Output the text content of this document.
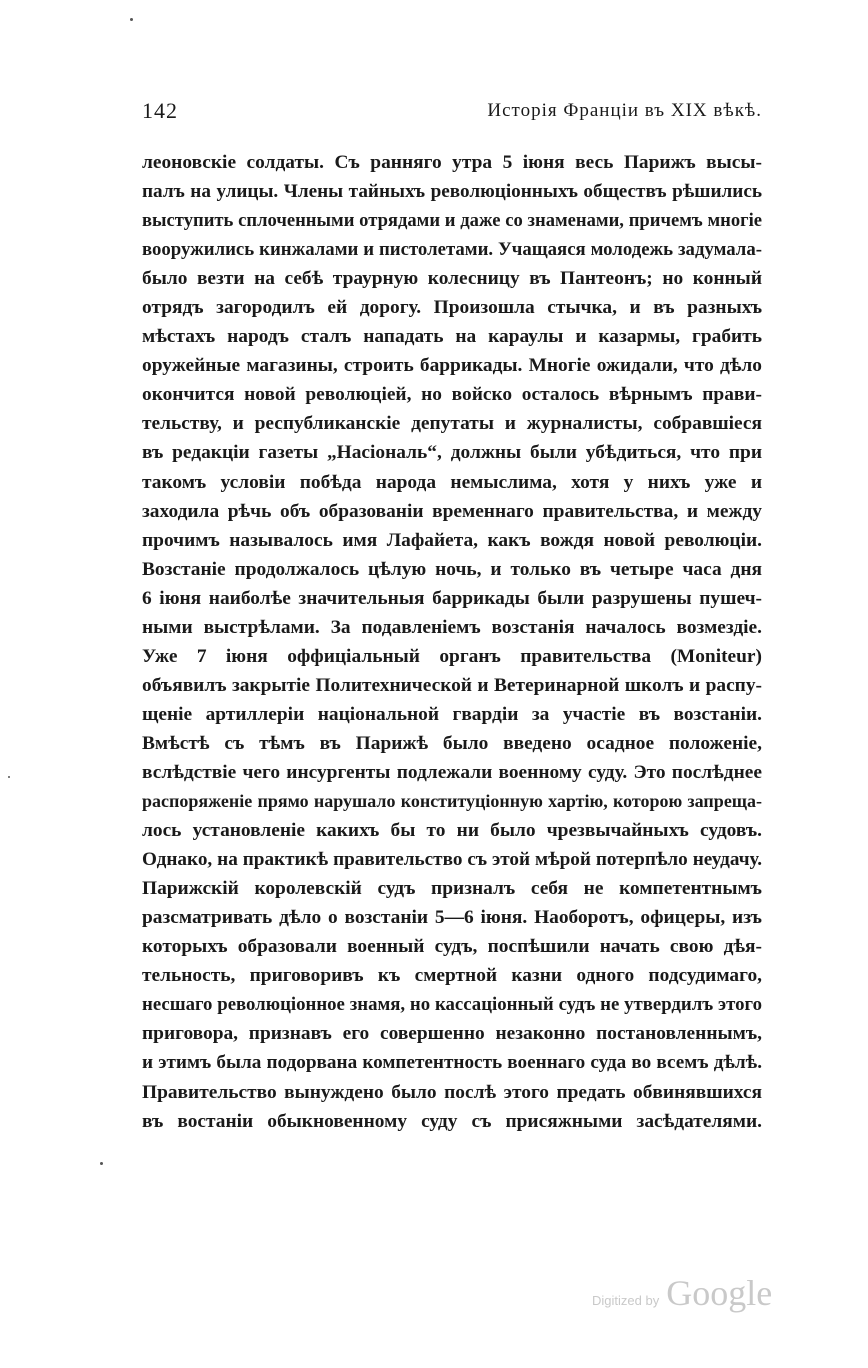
142	Исторія Франціи въ XIX вѣкѣ.
леоновскіе солдаты. Съ ранняго утра 5 іюня весь Парижъ высы-
палъ на улицы. Члены тайныхъ революціонныхъ обществъ рѣшились
выступить сплоченными отрядами и даже со знаменами, причемъ многіе
вооружились кинжалами и пистолетами. Учащаяся молодежь задумала-
было везти на себѣ траурную колесницу въ Пантеонъ; но конный
отрядъ загородилъ ей дорогу. Произошла стычка, и въ разныхъ
мѣстахъ народъ сталъ нападать на караулы и казармы, грабить
оружейные магазины, строить баррикады. Многіе ожидали, что дѣло
окончится новой революціей, но войско осталось вѣрнымъ прави-
тельству, и республиканскіе депутаты и журналисты, собравшіеся
въ редакціи газеты „Насіональ“, должны были убѣдиться, что при
такомъ условіи побѣда народа немыслима, хотя у нихъ уже и
заходила рѣчь объ образованіи временнаго правительства, и между
прочимъ называлось имя Лафайета, какъ вождя новой революціи.
Возстаніе продолжалось цѣлую ночь, и только въ четыре часа дня
6 іюня наиболѣе значительныя баррикады были разрушены пушеч-
ными выстрѣлами. За подавленіемъ возстанія началось возмездіе.
Уже 7 іюня оффиціальный органъ правительства (Moniteur)
объявилъ закрытіе Политехнической и Ветеринарной школъ и распу-
щеніе артиллеріи національной гвардіи за участіе въ возстаніи.
Вмѣстѣ съ тѣмъ въ Парижѣ было введено осадное положеніе,
вслѣдствіе чего инсургенты подлежали военному суду. Это послѣднее
распоряженіе прямо нарушало конституціонную хартію, которою запреща-
лось установленіе какихъ бы то ни было чрезвычайныхъ судовъ.
Однако, на практикѣ правительство съ этой мѣрой потерпѣло неудачу.
Парижскій королевскій судъ призналъ себя не компетентнымъ
разсматривать дѣло о возстаніи 5—6 іюня. Наоборотъ, офицеры, изъ
которыхъ образовали военный судъ, поспѣшили начать свою дѣя-
тельность, приговоривъ къ смертной казни одного подсудимаго,
несшаго революціонное знамя, но кассаціонный судъ не утвердилъ этого
приговора, признавъ его совершенно незаконно постановленнымъ,
и этимъ была подорвана компетентность военнаго суда во всемъ дѣлѣ.
Правительство вынуждено было послѣ этого предать обвинявшихся
въ востаніи обыкновенному суду съ присяжными засѣдателями.
Digitized by Google
